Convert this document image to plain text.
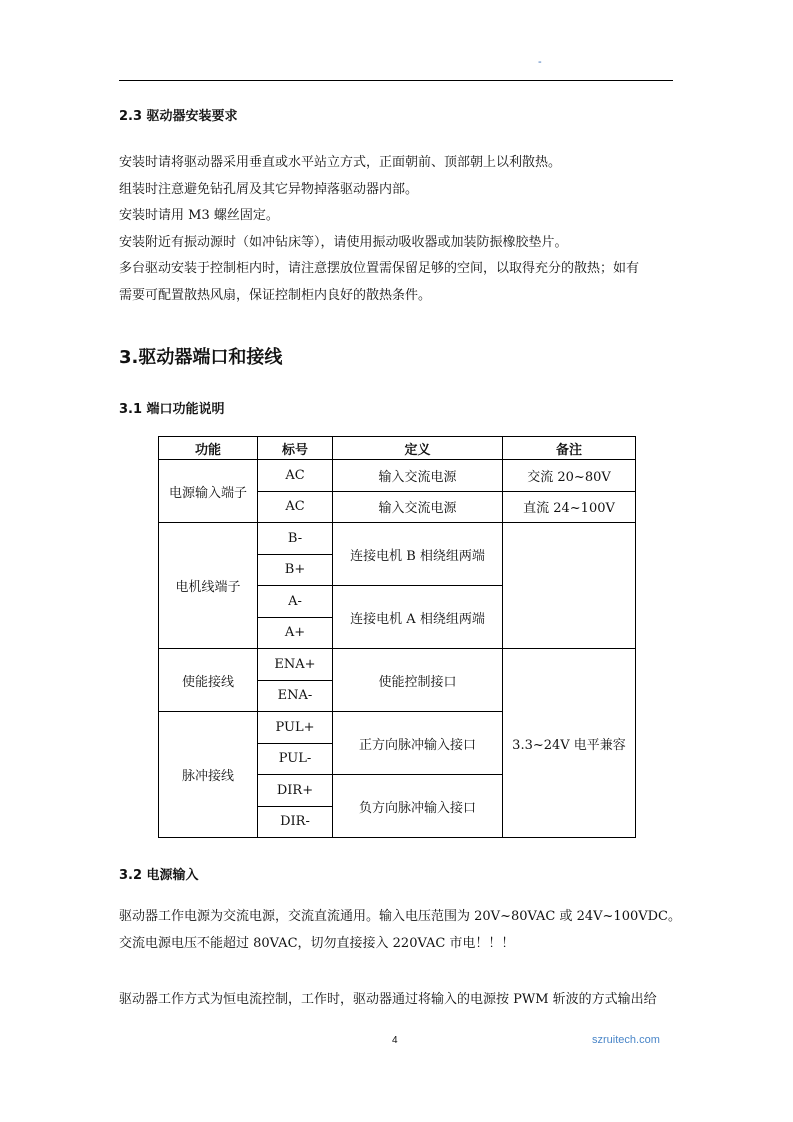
-
2.3 驱动器安装要求

安装时请将驱动器采用垂直或水平站立方式，正面朝前、顶部朝上以利散热。

组装时注意避免钻孔屑及其它异物掉落驱动器内部。

安装时请用 M3 螺丝固定。

安装附近有振动源时（如冲钻床等），请使用振动吸收器或加装防振橡胶垫片。

多台驱动安装于控制柜内时，请注意摆放位置需保留足够的空间，以取得充分的散热；如有

需要可配置散热风扇，保证控制柜内良好的散热条件。

3.驱动器端口和接线
3.1 端口功能说明
功能	标号	定义	备注
电源输入端子	AC	输入交流电源	交流 20~80V
	AC	输入交流电源	直流 24~100V
电机线端子	B-	连接电机 B 相绕组两端	
	B+		
	A-	连接电机 A 相绕组两端	
	A+		
使能接线	ENA+	使能控制接口	3.3~24V 电平兼容
	ENA-		
脉冲接线	PUL+	正方向脉冲输入接口	
	PUL-		
	DIR+	负方向脉冲输入接口	
	DIR-		
3.2 电源输入

驱动器工作电源为交流电源，交流直流通用。输入电压范围为 20V~80VAC 或 24V~100VDC。

交流电源电压不能超过 80VAC，切勿直接接入 220VAC 市电！！！

驱动器工作方式为恒电流控制，工作时，驱动器通过将输入的电源按 PWM 斩波的方式输出给

4	szruitech.com
